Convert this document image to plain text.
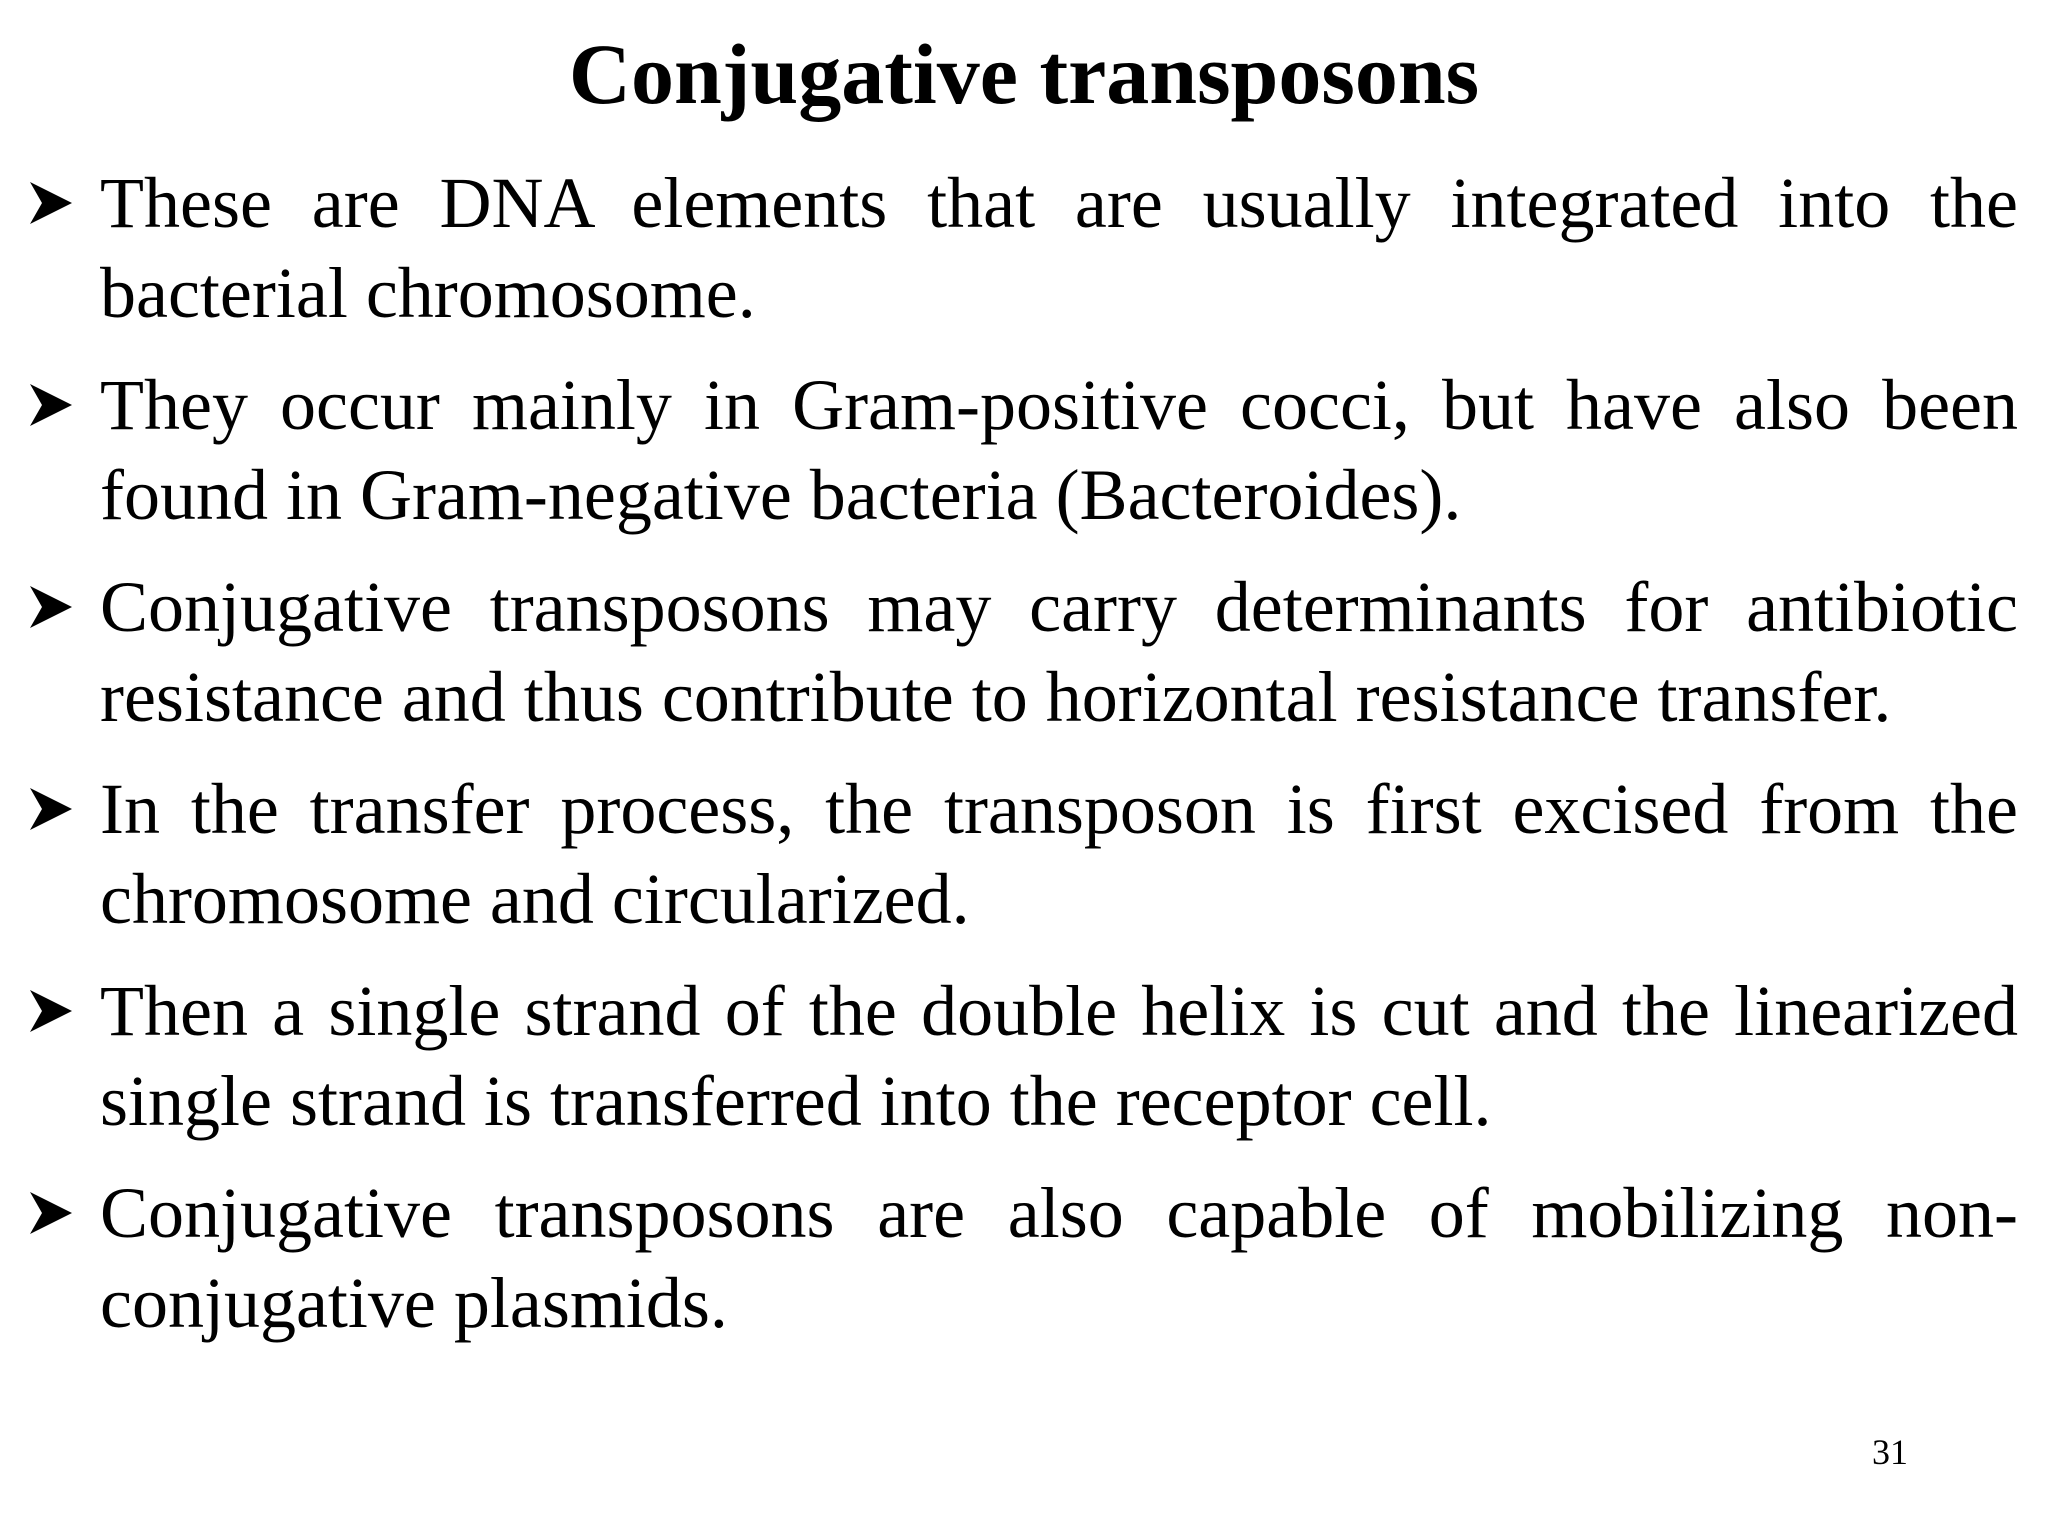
Conjugative transposons
These are DNA elements that are usually integrated into the bacterial chromosome.
They occur mainly in Gram-positive cocci, but have also been found in Gram-negative bacteria (Bacteroides).
Conjugative transposons may carry determinants for antibiotic resistance and thus contribute to horizontal resistance transfer.
In the transfer process, the transposon is first excised from the chromosome and circularized.
Then a single strand of the double helix is cut and the linearized single strand is transferred into the receptor cell.
Conjugative transposons are also capable of mobilizing non-conjugative plasmids.
31
